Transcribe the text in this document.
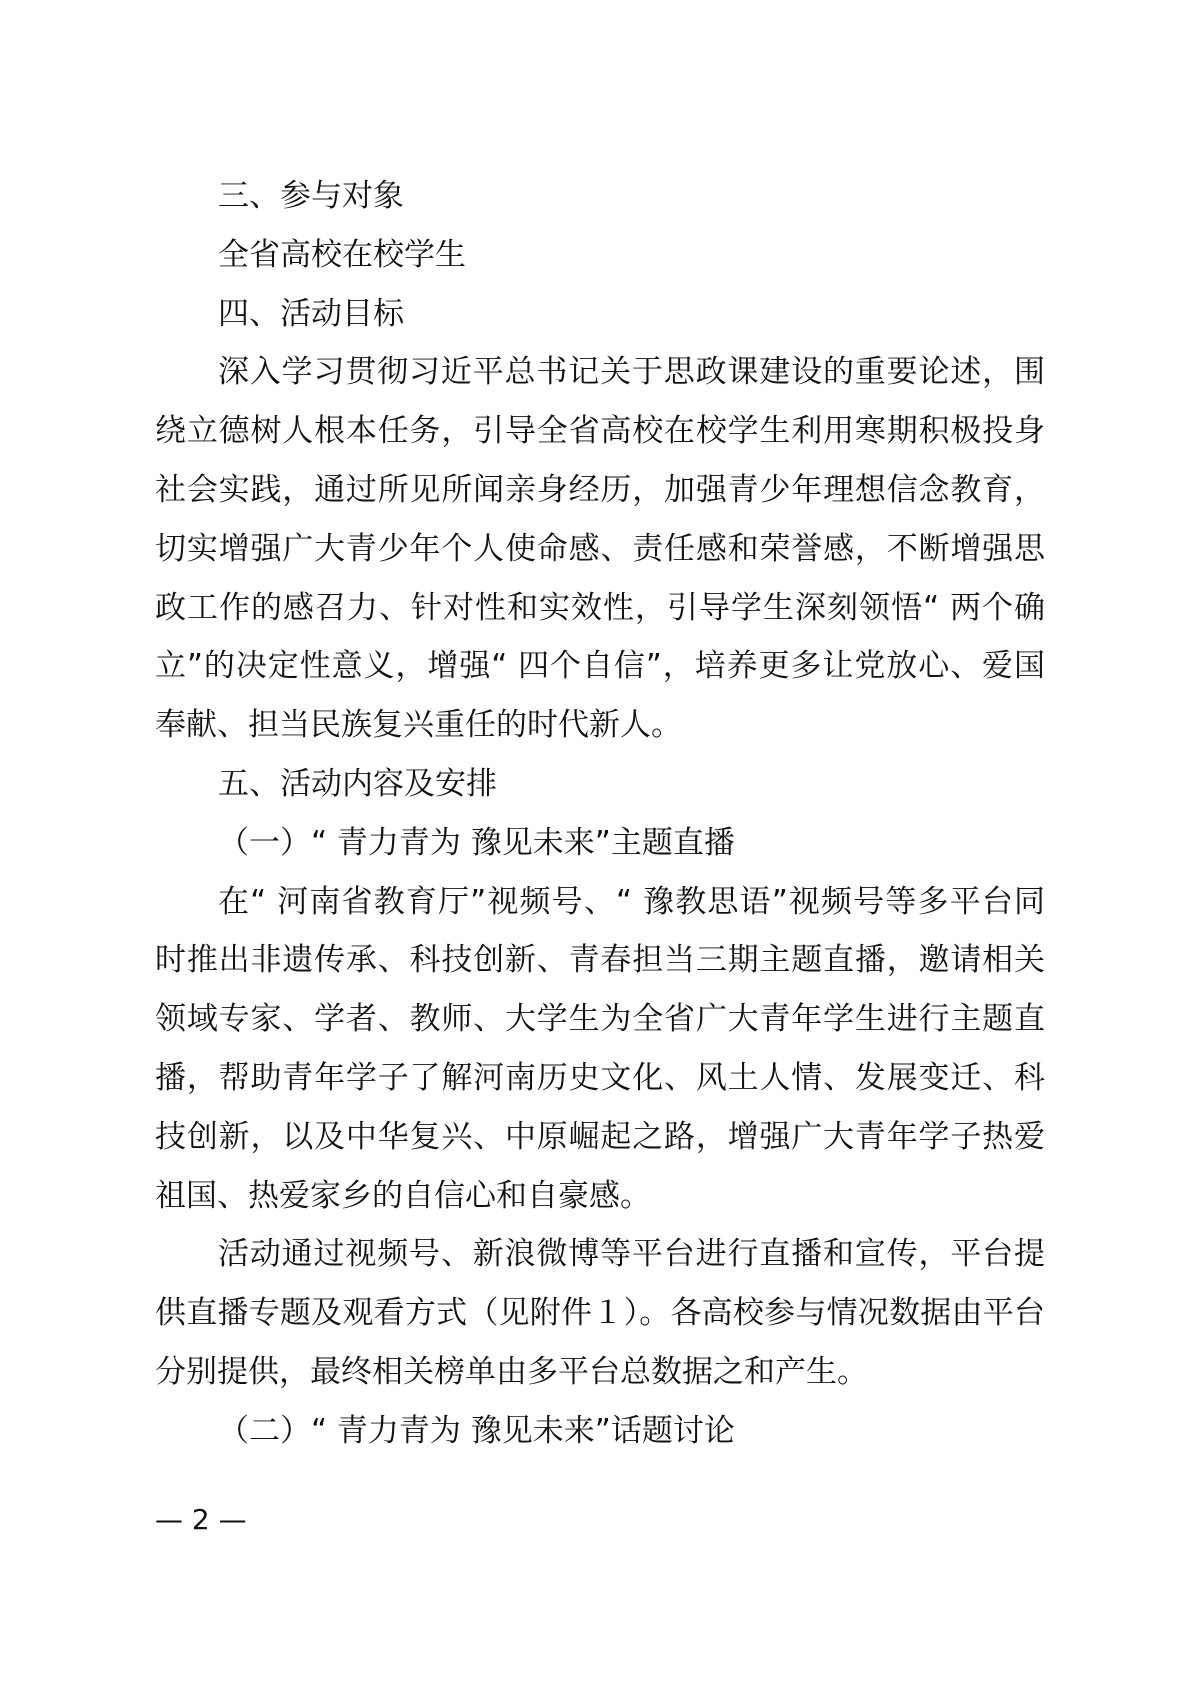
三、参与对象

全省高校在校学生

四、活动目标

深入学习贯彻习近平总书记关于思政课建设的重要论述，围绕立德树人根本任务，引导全省高校在校学生利用寒期积极投身社会实践，通过所见所闻亲身经历，加强青少年理想信念教育，切实增强广大青少年个人使命感、责任感和荣誉感，不断增强思政工作的感召力、针对性和实效性，引导学生深刻领悟“ 两个确立”的决定性意义，增强“ 四个自信”，培养更多让党放心、爱国奉献、担当民族复兴重任的时代新人。

五、活动内容及安排

（一）“ 青力青为 豫见未来”主题直播

在“ 河南省教育厅”视频号、“ 豫教思语”视频号等多平台同时推出非遗传承、科技创新、青春担当三期主题直播，邀请相关领域专家、学者、教师、大学生为全省广大青年学生进行主题直播，帮助青年学子了解河南历史文化、风土人情、发展变迁、科技创新，以及中华复兴、中原崛起之路，增强广大青年学子热爱祖国、热爱家乡的自信心和自豪感。

活动通过视频号、新浪微博等平台进行直播和宣传，平台提供直播专题及观看方式（见附件１）。各高校参与情况数据由平台分别提供，最终相关榜单由多平台总数据之和产生。

（二）“ 青力青为 豫见未来”话题讨论

— 2 —
